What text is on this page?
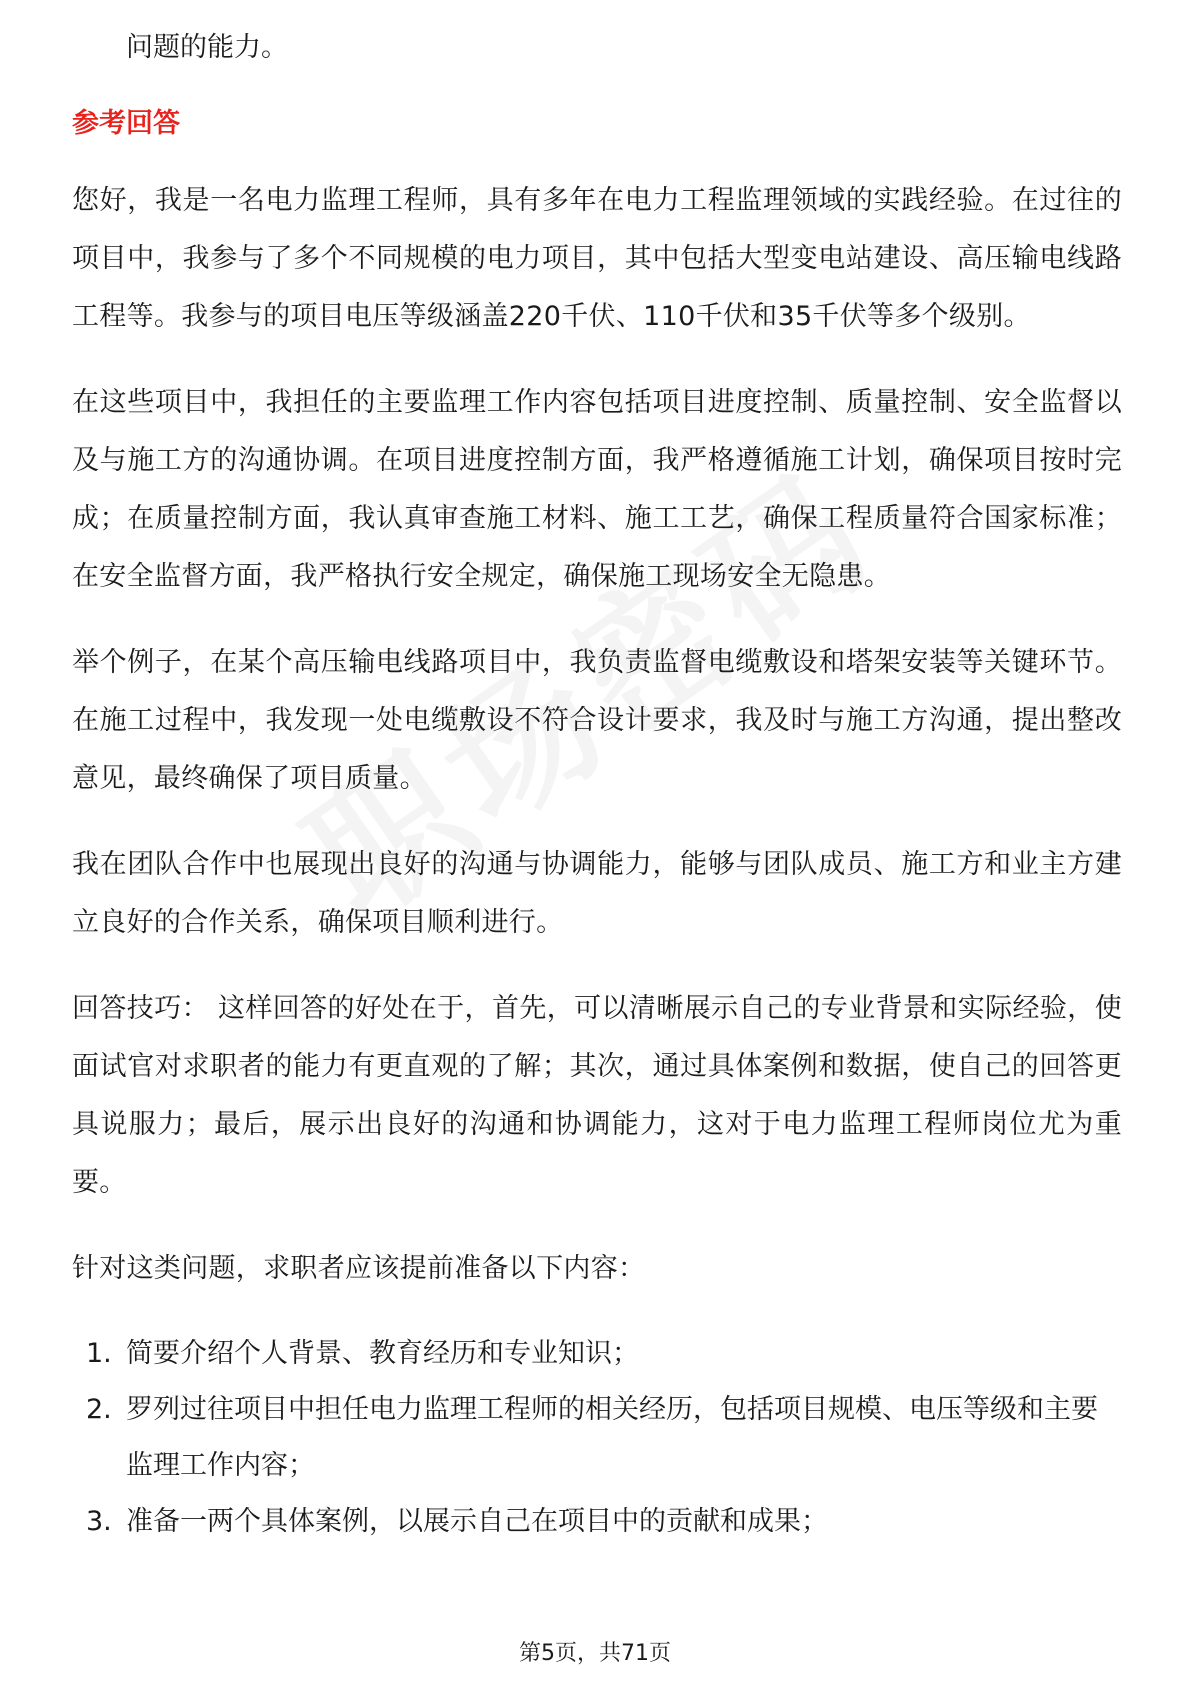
问题的能力。

参考回答

您好，我是一名电力监理工程师，具有多年在电力工程监理领域的实践经验。在过往的项目中，我参与了多个不同规模的电力项目，其中包括大型变电站建设、高压输电线路工程等。我参与的项目电压等级涵盖220千伏、110千伏和35千伏等多个级别。

在这些项目中，我担任的主要监理工作内容包括项目进度控制、质量控制、安全监督以及与施工方的沟通协调。在项目进度控制方面，我严格遵循施工计划，确保项目按时完成；在质量控制方面，我认真审查施工材料、施工工艺，确保工程质量符合国家标准；在安全监督方面，我严格执行安全规定，确保施工现场安全无隐患。

举个例子，在某个高压输电线路项目中，我负责监督电缆敷设和塔架安装等关键环节。在施工过程中，我发现一处电缆敷设不符合设计要求，我及时与施工方沟通，提出整改意见，最终确保了项目质量。

我在团队合作中也展现出良好的沟通与协调能力，能够与团队成员、施工方和业主方建立良好的合作关系，确保项目顺利进行。

回答技巧： 这样回答的好处在于，首先，可以清晰展示自己的专业背景和实际经验，使面试官对求职者的能力有更直观的了解；其次，通过具体案例和数据，使自己的回答更具说服力；最后，展示出良好的沟通和协调能力，这对于电力监理工程师岗位尤为重要。

针对这类问题，求职者应该提前准备以下内容：

1. 简要介绍个人背景、教育经历和专业知识；
2. 罗列过往项目中担任电力监理工程师的相关经历，包括项目规模、电压等级和主要监理工作内容；
3. 准备一两个具体案例，以展示自己在项目中的贡献和成果；
第5页，共71页
